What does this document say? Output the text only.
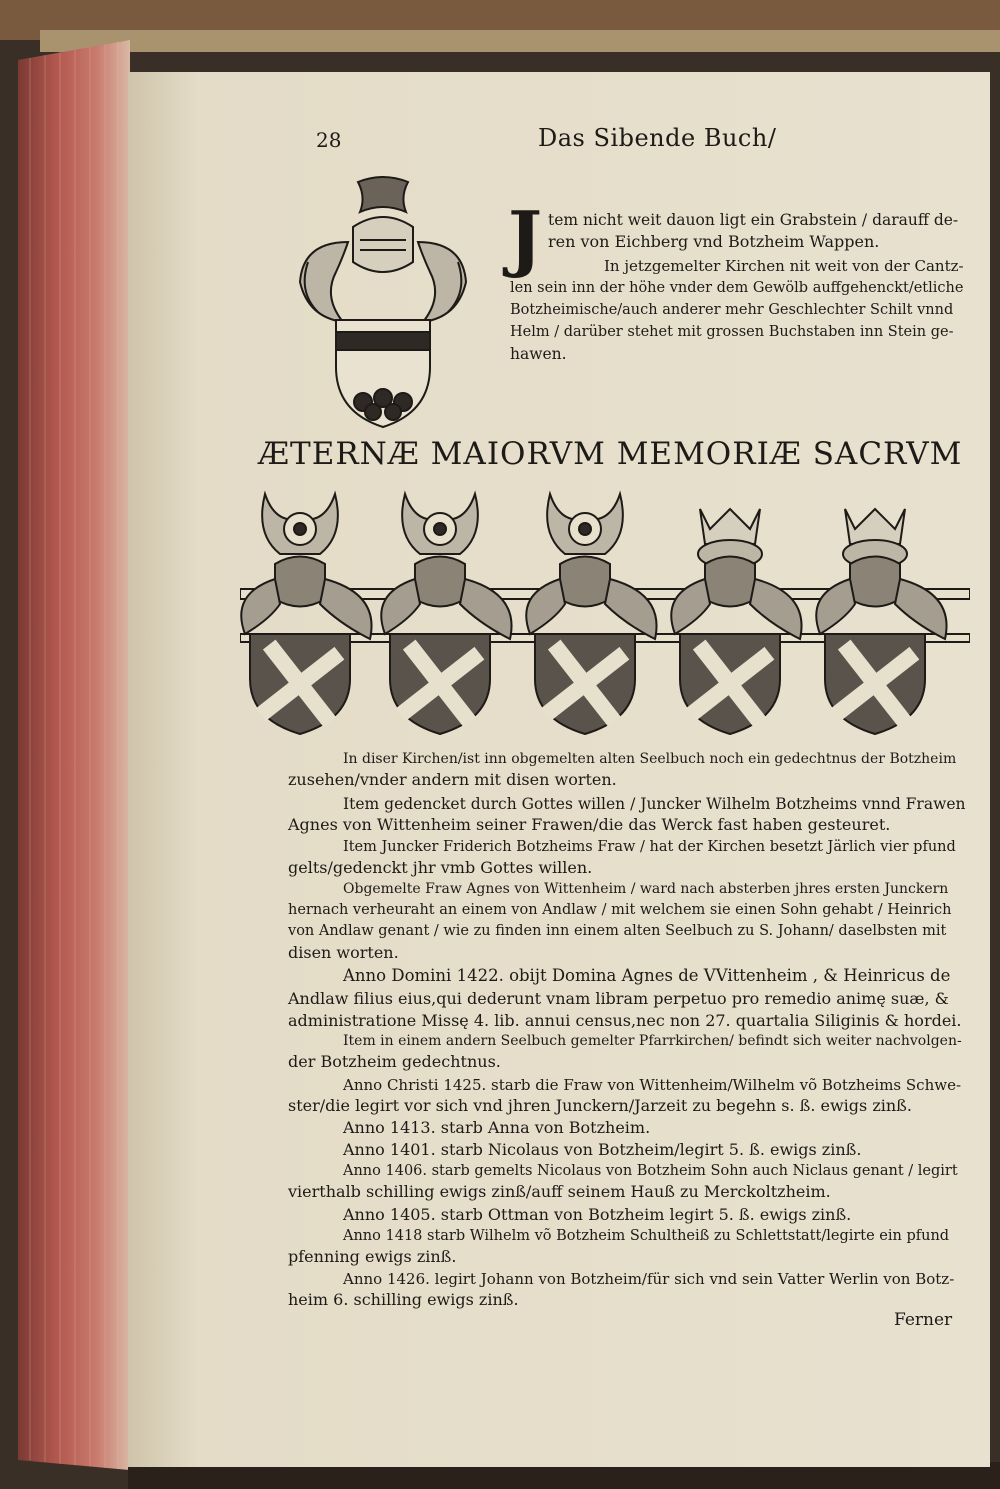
28	Das Sibende Buch/
J tem nicht weit dauon ligt ein Grabstein / darauff de-
ren von Eichberg vnd Botzheim Wappen.
In jetzgemelter Kirchen nit weit von der Cantz-
len sein inn der höhe vnder dem Gewölb auffgehenckt/etliche
Botzheimische/auch anderer mehr Geschlechter Schilt vnnd
Helm / darüber stehet mit grossen Buchstaben inn Stein ge-
hawen.
ÆTERNÆ MAIORVM MEMORIÆ SACRVM
In diser Kirchen/ist inn obgemelten alten Seelbuch noch ein gedechtnus der Botzheim
zusehen/vnder andern mit disen worten.
Item gedencket durch Gottes willen / Juncker Wilhelm Botzheims vnnd Frawen
Agnes von Wittenheim seiner Frawen/die das Werck fast haben gesteuret.
Item Juncker Friderich Botzheims Fraw / hat der Kirchen besetzt Järlich vier pfund
gelts/gedenckt jhr vmb Gottes willen.
Obgemelte Fraw Agnes von Wittenheim / ward nach absterben jhres ersten Junckern
hernach verheuraht an einem von Andlaw / mit welchem sie einen Sohn gehabt / Heinrich
von Andlaw genant / wie zu finden inn einem alten Seelbuch zu S. Johann/ daselbsten mit
disen worten.
Anno Domini 1422. obijt Domina Agnes de VVittenheim , & Heinricus de
Andlaw filius eius,qui dederunt vnam libram perpetuo pro remedio animę suæ, &
administratione Missę 4. lib. annui census,nec non 27. quartalia Siliginis & hordei.
Item in einem andern Seelbuch gemelter Pfarrkirchen/ befindt sich weiter nachvolgen-
der Botzheim gedechtnus.
Anno Christi 1425. starb die Fraw von Wittenheim/Wilhelm võ Botzheims Schwe-
ster/die legirt vor sich vnd jhren Junckern/Jarzeit zu begehn s. ß. ewigs zinß.
Anno 1413. starb Anna von Botzheim.
Anno 1401. starb Nicolaus von Botzheim/legirt 5. ß. ewigs zinß.
Anno 1406. starb gemelts Nicolaus von Botzheim Sohn auch Niclaus genant / legirt
vierthalb schilling ewigs zinß/auff seinem Hauß zu Merckoltzheim.
Anno 1405. starb Ottman von Botzheim legirt 5. ß. ewigs zinß.
Anno 1418 starb Wilhelm võ Botzheim Schultheiß zu Schlettstatt/legirte ein pfund
pfenning ewigs zinß.
Anno 1426. legirt Johann von Botzheim/für sich vnd sein Vatter Werlin von Botz-
heim 6. schilling ewigs zinß.
Ferner
